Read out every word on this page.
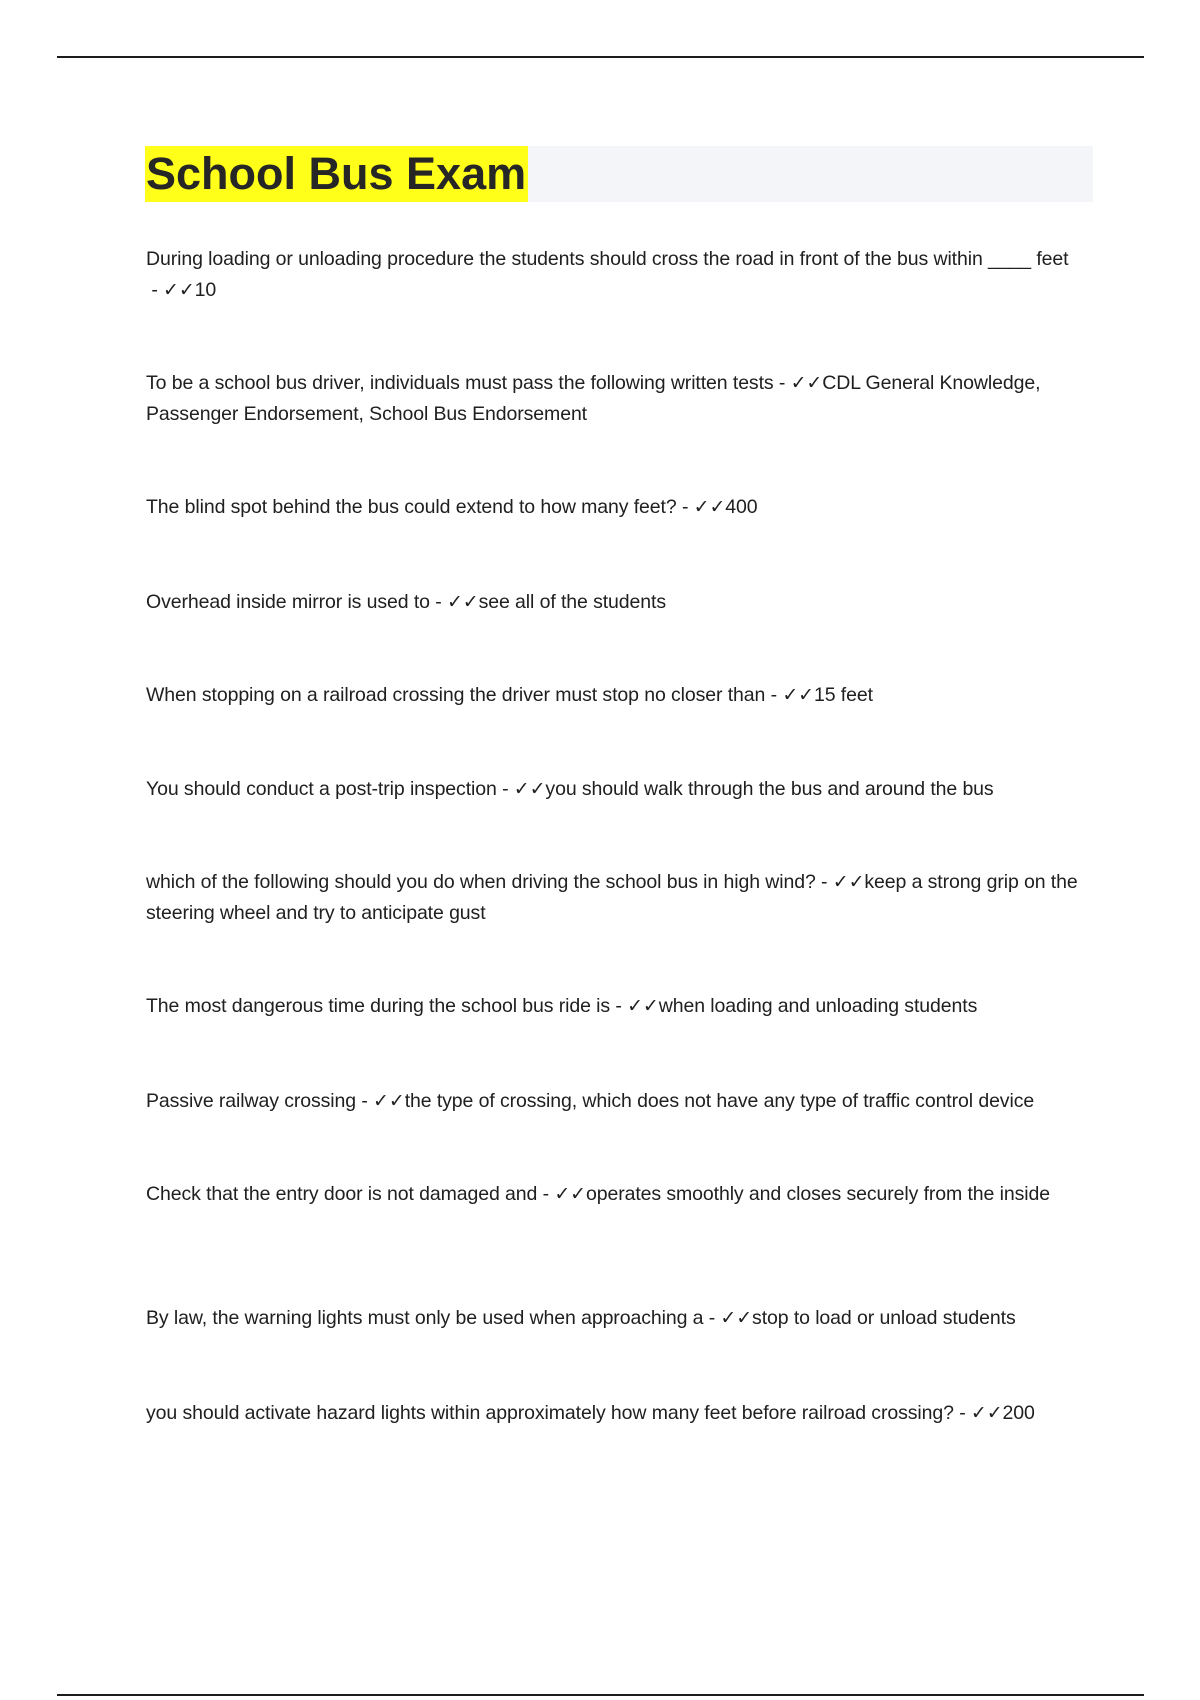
School Bus Exam
During loading or unloading procedure the students should cross the road in front of the bus within ____ feet - ✓✓10
To be a school bus driver, individuals must pass the following written tests - ✓✓CDL General Knowledge, Passenger Endorsement, School Bus Endorsement
The blind spot behind the bus could extend to how many feet? - ✓✓400
Overhead inside mirror is used to - ✓✓see all of the students
When stopping on a railroad crossing the driver must stop no closer than - ✓✓15 feet
You should conduct a post-trip inspection - ✓✓you should walk through the bus and around the bus
which of the following should you do when driving the school bus in high wind? - ✓✓keep a strong grip on the steering wheel and try to anticipate gust
The most dangerous time during the school bus ride is - ✓✓when loading and unloading students
Passive railway crossing - ✓✓the type of crossing, which does not have any type of traffic control device
Check that the entry door is not damaged and - ✓✓operates smoothly and closes securely from the inside
By law, the warning lights must only be used when approaching a - ✓✓stop to load or unload students
you should activate hazard lights within approximately how many feet before railroad crossing? - ✓✓200
